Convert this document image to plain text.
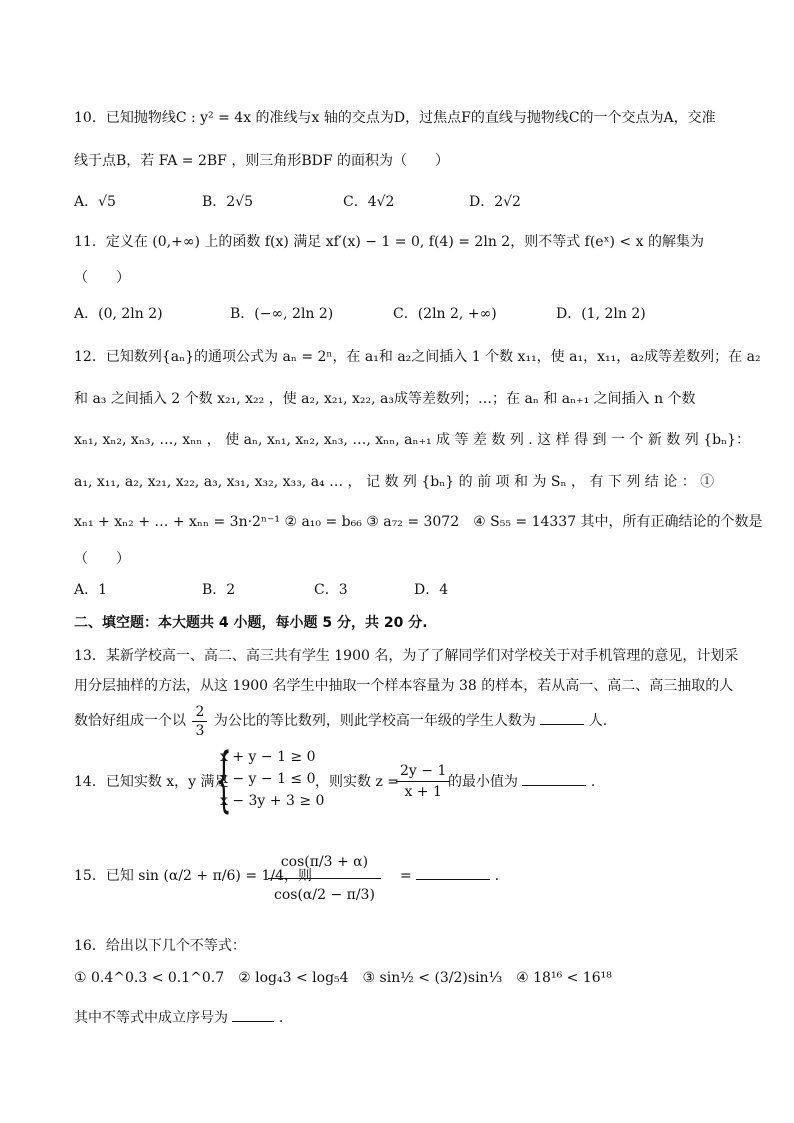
10．已知抛物线C : y² = 4x 的准线与x 轴的交点为D，过焦点F的直线与抛物线C的一个交点为A，交准
线于点B，若 FA = 2BF ，则三角形BDF 的面积为（　　）
A．√5	B．2√5	C．4√2	D．2√2
11．定义在 (0,+∞) 上的函数 f(x) 满足 xf′(x) − 1 = 0, f(4) = 2ln 2，则不等式 f(eˣ) < x 的解集为
（　　）
A．(0, 2ln 2)	B．(−∞, 2ln 2)	C．(2ln 2, +∞)	D．(1, 2ln 2)
12．已知数列{aₙ}的通项公式为 aₙ = 2ⁿ，在 a₁和 a₂之间插入 1 个数 x₁₁，使 a₁，x₁₁，a₂成等差数列；在 a₂
和 a₃ 之间插入 2 个数 x₂₁, x₂₂ ，使 a₂, x₂₁, x₂₂, a₃成等差数列；…；在 aₙ 和 aₙ₊₁ 之间插入 n 个数
xₙ₁, xₙ₂, xₙ₃, …, xₙₙ ， 使 aₙ, xₙ₁, xₙ₂, xₙ₃, …, xₙₙ, aₙ₊₁ 成 等 差 数 列 . 这 样 得 到 一 个 新 数 列 {bₙ}：
a₁, x₁₁, a₂, x₂₁, x₂₂, a₃, x₃₁, x₃₂, x₃₃, a₄ … ， 记 数 列 {bₙ} 的 前 项 和 为 Sₙ ， 有 下 列 结 论 ： ①
xₙ₁ + xₙ₂ + … + xₙₙ = 3n·2ⁿ⁻¹ ② a₁₀ = b₆₆ ③ a₇₂ = 3072　④ S₅₅ = 14337 其中，所有正确结论的个数是
（　　）
A．1	B．2	C．3	D．4
二、填空题：本大题共 4 小题，每小题 5 分，共 20 分.
13．某新学校高一、高二、高三共有学生 1900 名，为了了解同学们对学校关于对手机管理的意见，计划采
用分层抽样的方法，从这 1900 名学生中抽取一个样本容量为 38 的样本，若从高一、高二、高三抽取的人
数恰好组成一个以 $\frac{2}{3}$ 为公比的等比数列，则此学校高一年级的学生人数为	人.
14．已知实数 x，y 满足
{
x + y − 1 ≥ 0
x − y − 1 ≤ 0
x − 3y + 3 ≥ 0
，则实数 z =
$\frac{2y - 1}{x + 1}$
的最小值为	.
15．已知 sin (α/2 + π/6) = 1/4，则
$\frac{\cos(\pi/3 + \alpha)}{\cos(\alpha/2 - \pi/3)}$ =	.
16．给出以下几个不等式：
① 0.4^0.3 < 0.1^0.7　② log₄3 < log₅4　③ sin½ < (3/2)sin⅓　④ 18¹⁶ < 16¹⁸
其中不等式中成立序号为	.
